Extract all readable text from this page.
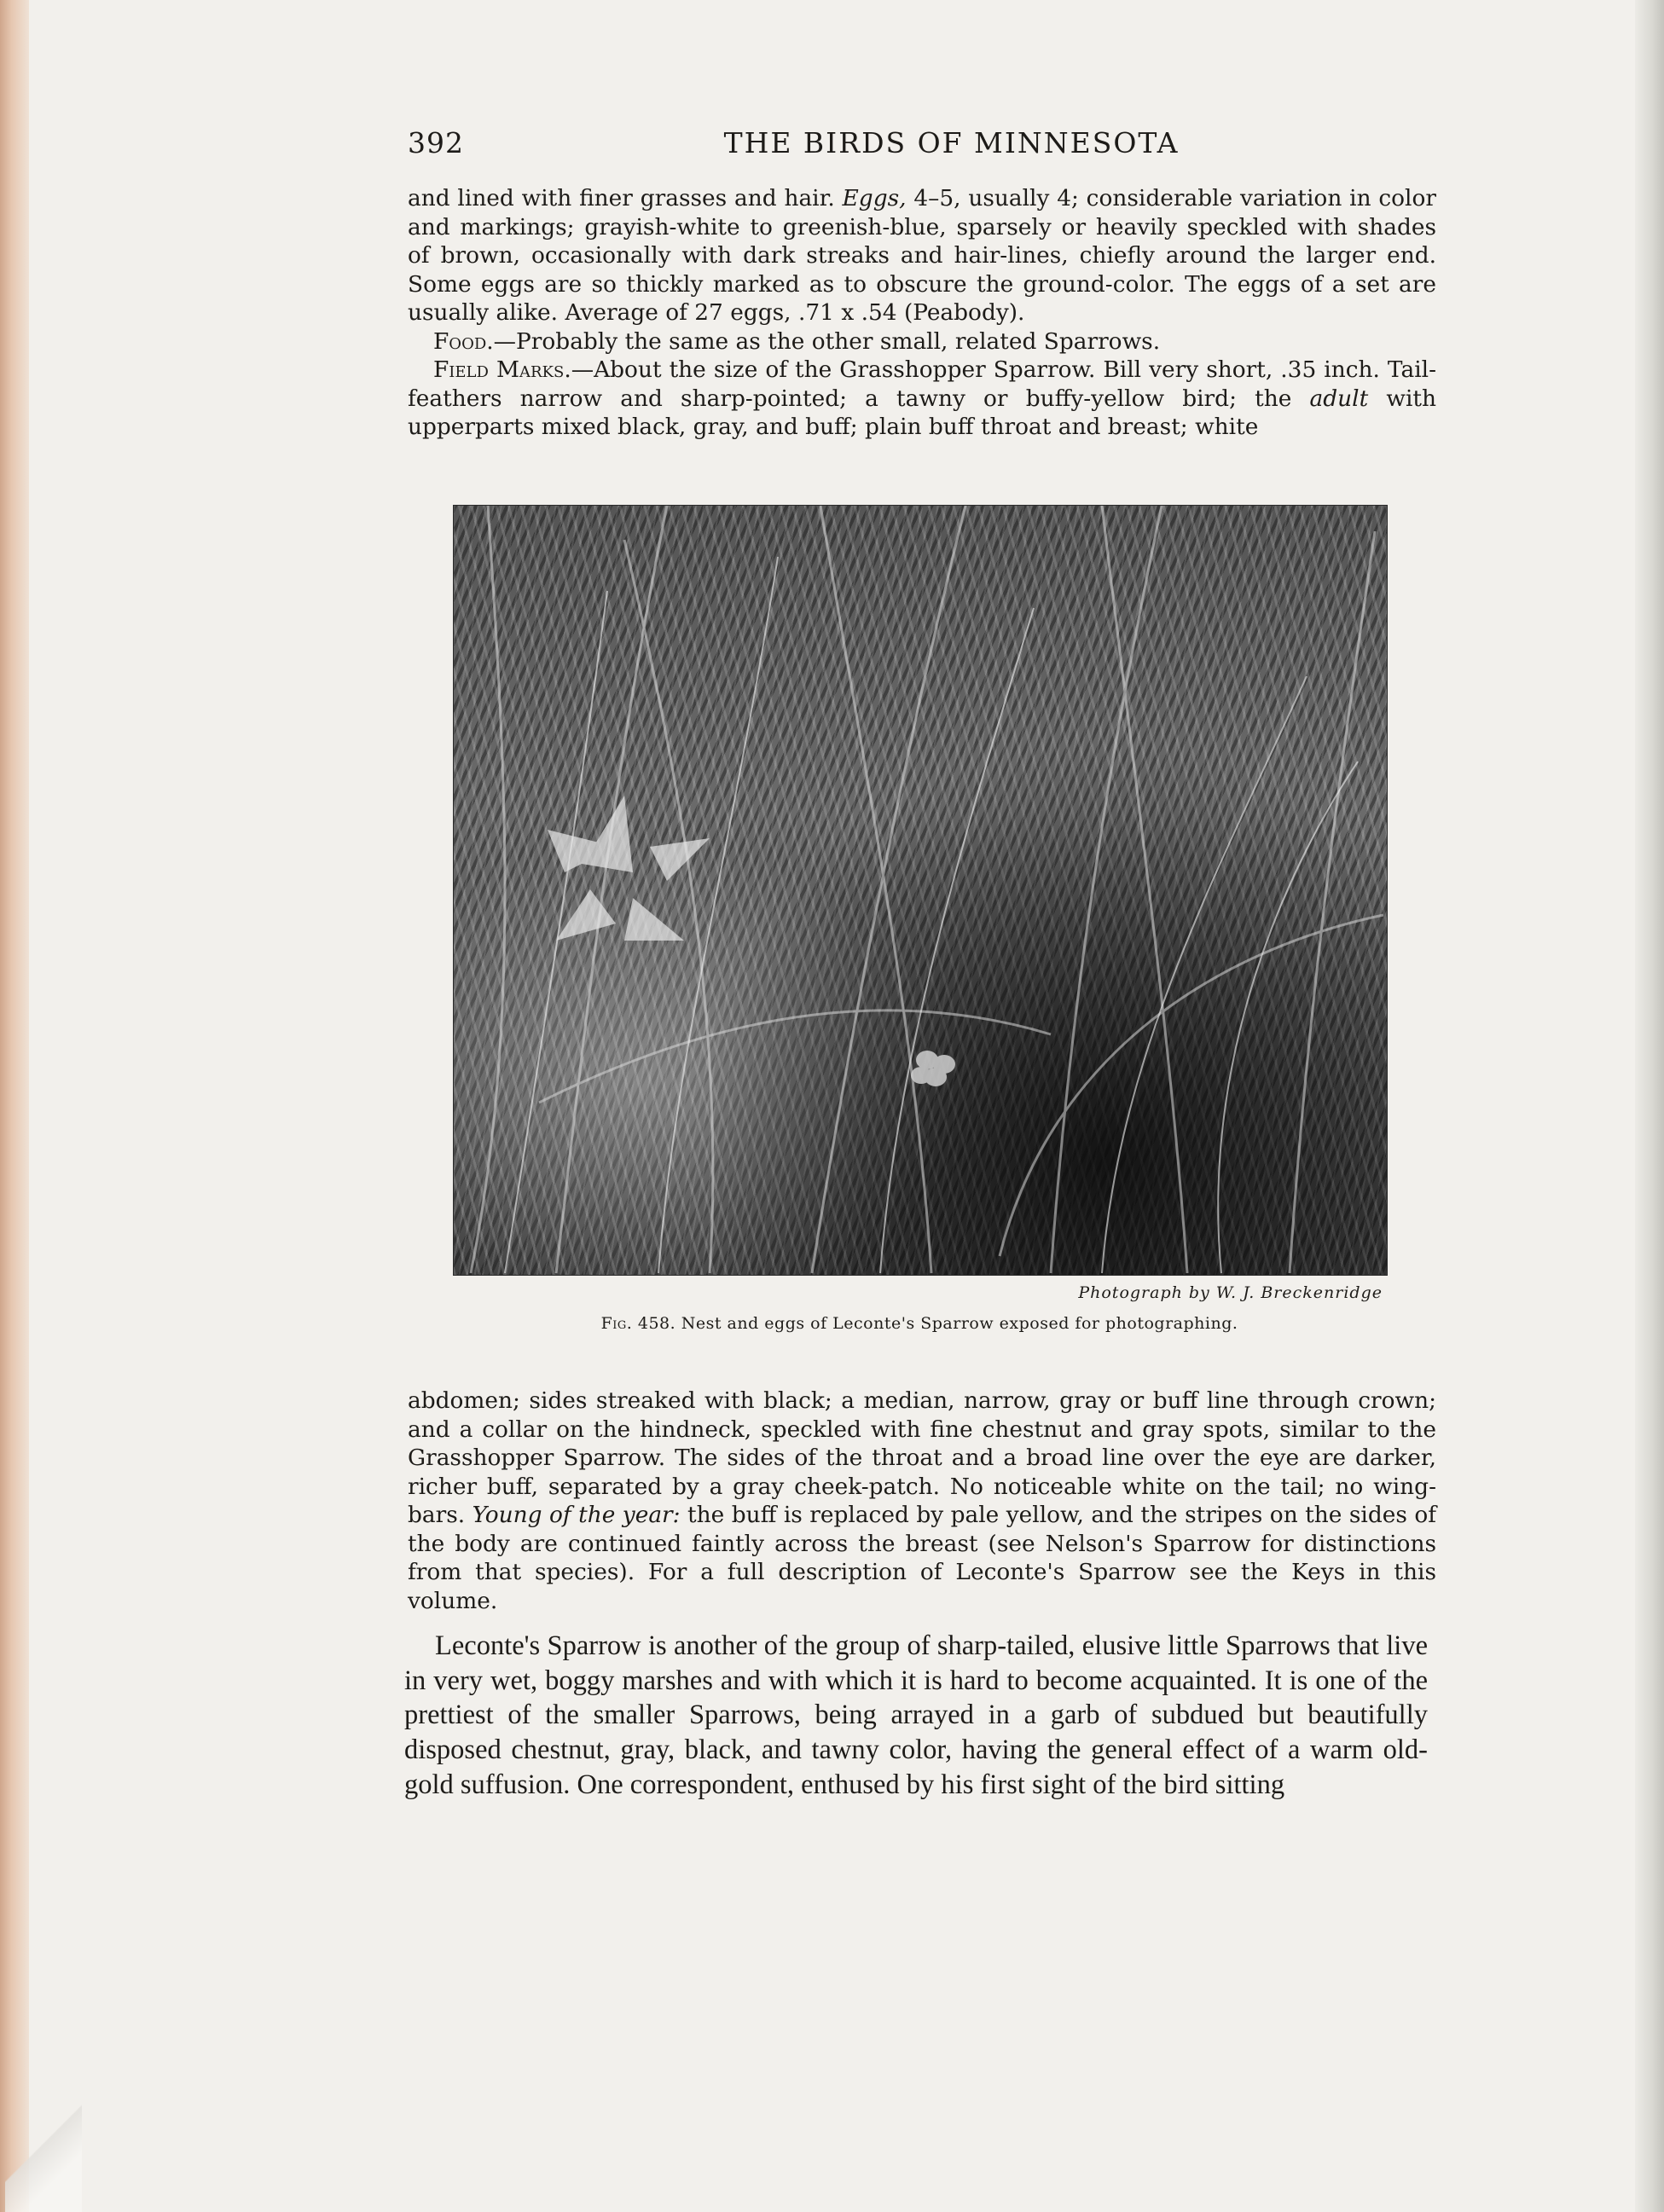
392	THE BIRDS OF MINNESOTA

and lined with finer grasses and hair. Eggs, 4–5, usually 4; considerable variation in color and markings; grayish-white to greenish-blue, sparsely or heavily speckled with shades of brown, occasionally with dark streaks and hair-lines, chiefly around the larger end. Some eggs are so thickly marked as to obscure the ground-color. The eggs of a set are usually alike. Average of 27 eggs, .71 x .54 (Peabody).

Food.—Probably the same as the other small, related Sparrows.

Field Marks.—About the size of the Grasshopper Sparrow. Bill very short, .35 inch. Tail-feathers narrow and sharp-pointed; a tawny or buffy-yellow bird; the adult with upperparts mixed black, gray, and buff; plain buff throat and breast; white

Photograph by W. J. Breckenridge
Fig. 458. Nest and eggs of Leconte's Sparrow exposed for photographing.

abdomen; sides streaked with black; a median, narrow, gray or buff line through crown; and a collar on the hindneck, speckled with fine chestnut and gray spots, similar to the Grasshopper Sparrow. The sides of the throat and a broad line over the eye are darker, richer buff, separated by a gray cheek-patch. No noticeable white on the tail; no wing-bars. Young of the year: the buff is replaced by pale yellow, and the stripes on the sides of the body are continued faintly across the breast (see Nelson's Sparrow for distinctions from that species). For a full description of Leconte's Sparrow see the Keys in this volume.

Leconte's Sparrow is another of the group of sharp-tailed, elusive little Sparrows that live in very wet, boggy marshes and with which it is hard to become acquainted. It is one of the prettiest of the smaller Sparrows, being arrayed in a garb of subdued but beautifully disposed chestnut, gray, black, and tawny color, having the general effect of a warm old-gold suffusion. One correspondent, enthused by his first sight of the bird sitting
